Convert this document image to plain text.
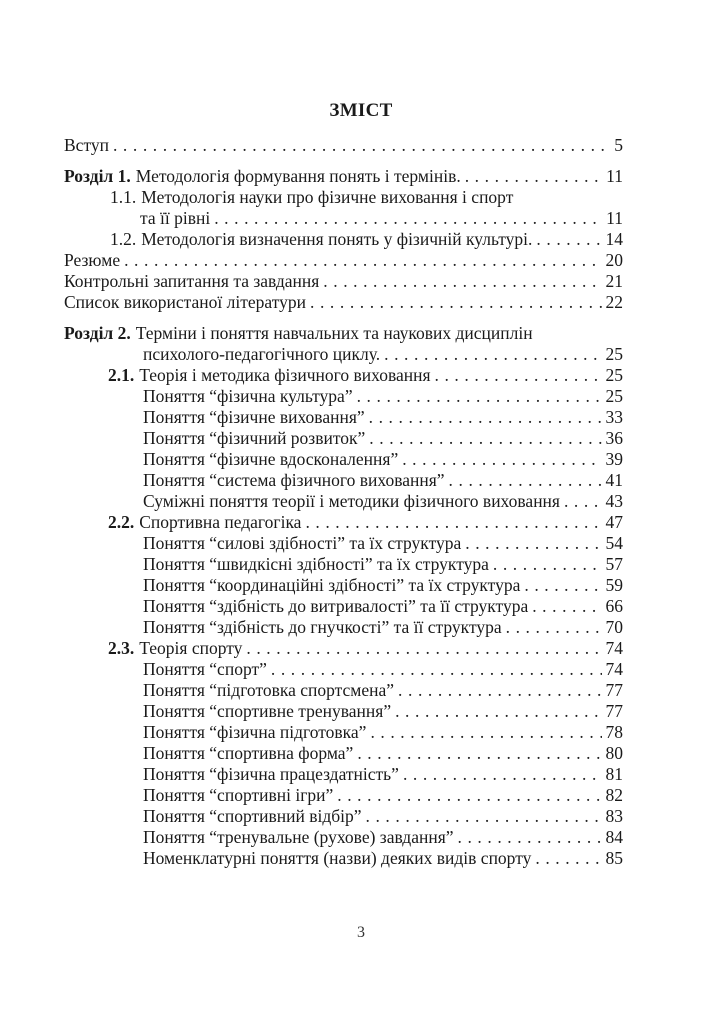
ЗМІСТ
Вступ . . .	5
Розділ 1. Методологія формування понять і термінів. . . .	11
1.1. Методологія науки про фізичне виховання і спорт
та її рівні . . .	11
1.2. Методологія визначення понять у фізичній культурі. . . .	14
Резюме . . .	20
Контрольні запитання та завдання . . .	21
Список використаної літератури . . .	22
Розділ 2. Терміни і поняття навчальних та наукових дисциплін
психолого-педагогічного циклу. . . .	25
2.1. Теорія і методика фізичного виховання . . .	25
Поняття “фізична культура” . . .	25
Поняття “фізичне виховання” . . .	33
Поняття “фізичний розвиток” . . .	36
Поняття “фізичне вдосконалення” . . .	39
Поняття “система фізичного виховання” . . .	41
Суміжні поняття теорії і методики фізичного виховання . . .	43
2.2. Спортивна педагогіка . . .	47
Поняття “силові здібності” та їх структура . . .	54
Поняття “швидкісні здібності” та їх структура . . .	57
Поняття “координаційні здібності” та їх структура . . .	59
Поняття “здібність до витривалості” та її структура . . .	66
Поняття “здібність до гнучкості” та її структура . . .	70
2.3. Теорія спорту . . .	74
Поняття “спорт” . . .	74
Поняття “підготовка спортсмена” . . .	77
Поняття “спортивне тренування” . . .	77
Поняття “фізична підготовка” . . .	78
Поняття “спортивна форма” . . .	80
Поняття “фізична працездатність” . . .	81
Поняття “спортивні ігри” . . .	82
Поняття “спортивний відбір” . . .	83
Поняття “тренувальне (рухове) завдання” . . .	84
Номенклатурні поняття (назви) деяких видів спорту . . .	85
3
